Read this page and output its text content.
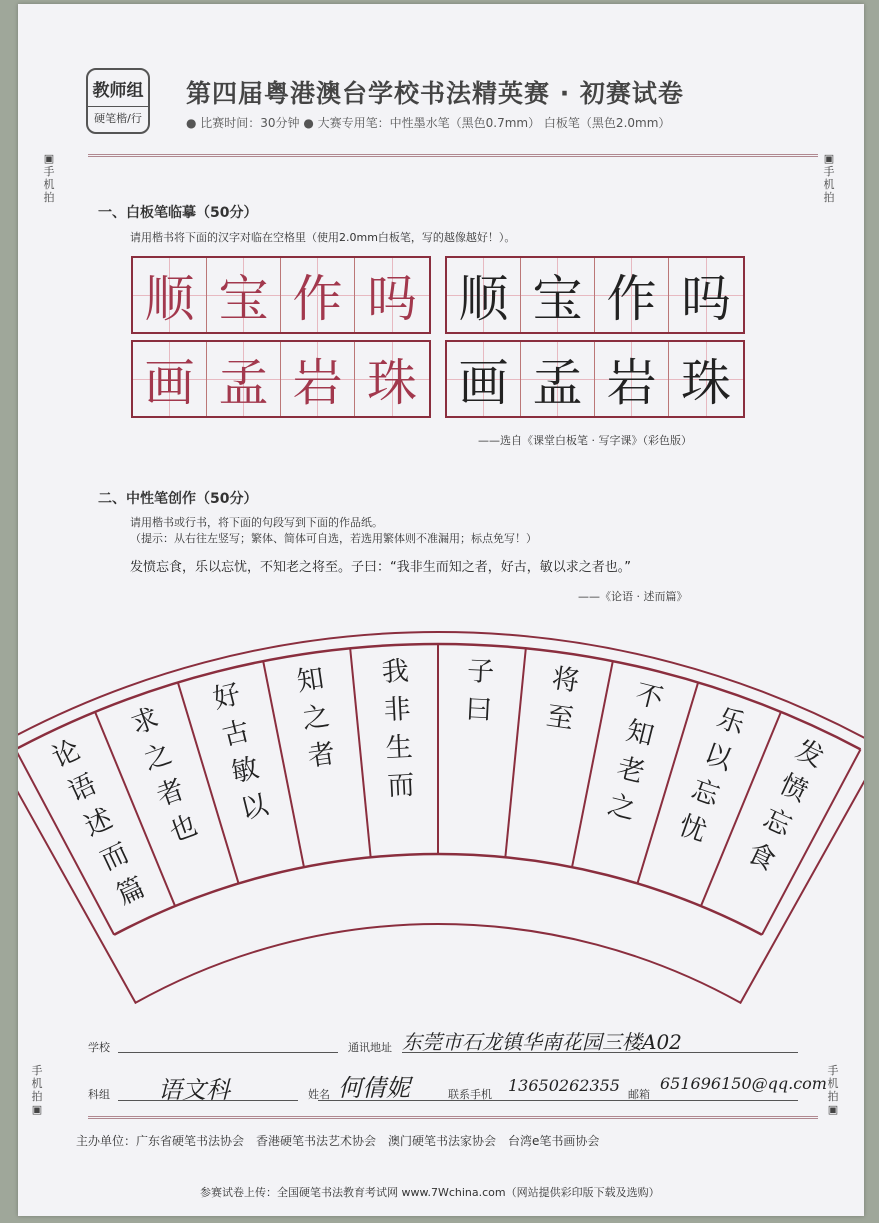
教师组
硬笔楷/行
第四届粤港澳台学校书法精英赛 · 初赛试卷
● 比赛时间：30分钟 ● 大赛专用笔：中性墨水笔（黑色0.7mm） 白板笔（黑色2.0mm）
▣
手机拍
▣
手机拍
手机拍
▣
手机拍
▣
一、白板笔临摹（50分）
请用楷书将下面的汉字对临在空格里（使用2.0mm白板笔，写的越像越好！）。
顺 宝 作 吗 顺 宝 作 吗
画 孟 岩 珠 画 孟 岩 珠
——选自《课堂白板笔 · 写字课》（彩色版）
二、中性笔创作（50分）
请用楷书或行书，将下面的句段写到下面的作品纸。
（提示：从右往左竖写；繁体、简体可自选，若选用繁体则不准漏用；标点免写！）
发愤忘食，乐以忘忧，不知老之将至。子曰：“我非生而知之者，好古，敏以求之者也。”
——《论语 · 述而篇》
论
语
述
而
篇
求
之
者
也
好
古
敏
以
知
之
者
我
非
生
而
子
曰
将
至
不
知
老
之
乐
以
忘
忧
发
愤
忘
食
学校	通讯地址 东莞市石龙镇华南花园三楼A02
科组 语文科	姓名 何倩妮	联系手机 13650262355 邮箱
651696150@qq.com
主办单位：广东省硬笔书法协会　香港硬笔书法艺术协会　澳门硬笔书法家协会　台湾e笔书画协会
参赛试卷上传：全国硬笔书法教育考试网 www.7Wchina.com（网站提供彩印版下载及选购）
